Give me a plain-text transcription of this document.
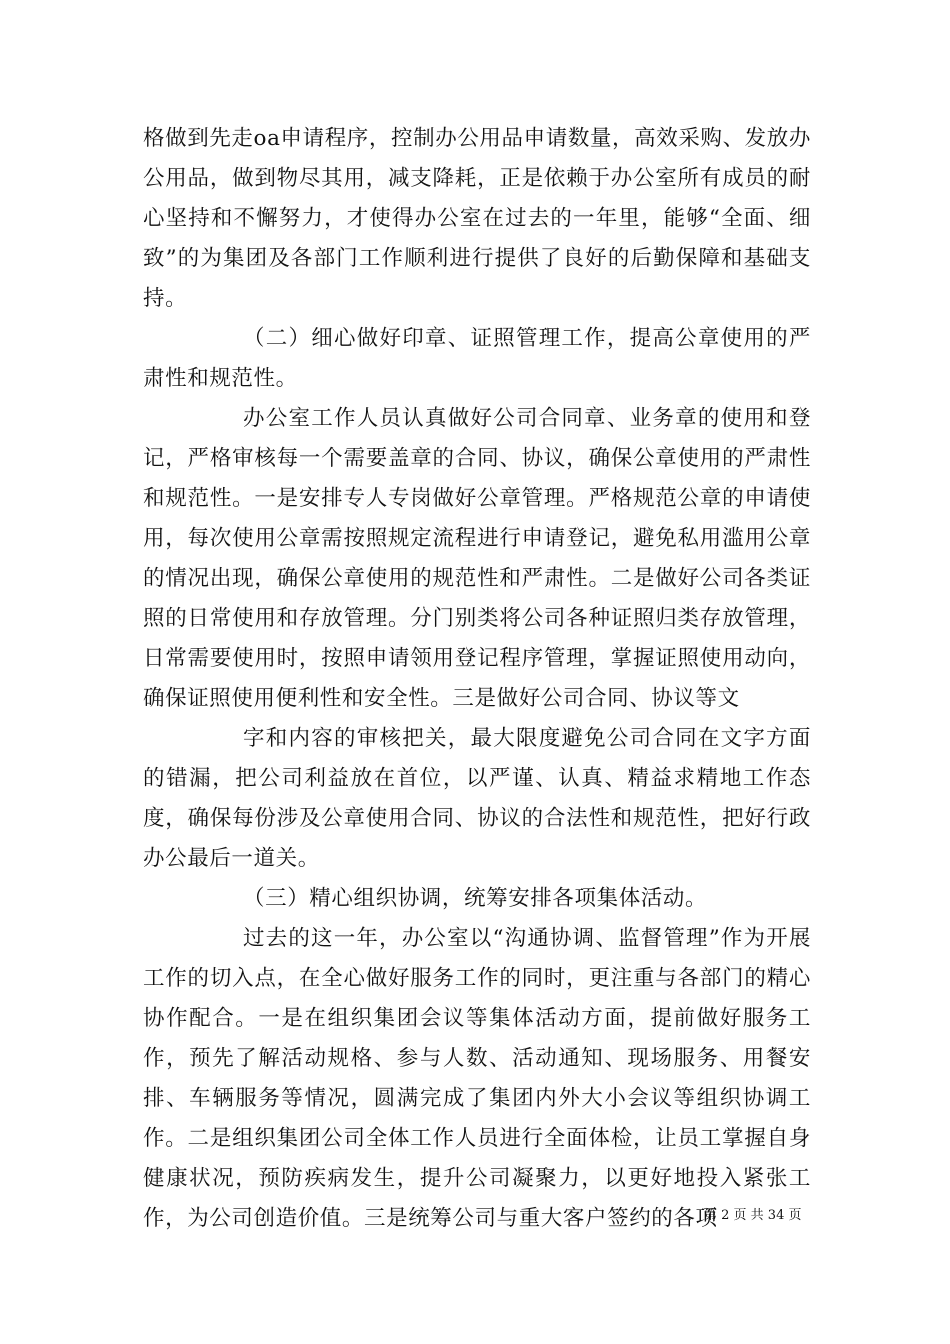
格做到先走oa申请程序，控制办公用品申请数量，高效采购、发放办公用品，做到物尽其用，减支降耗，正是依赖于办公室所有成员的耐心坚持和不懈努力，才使得办公室在过去的一年里，能够“全面、细致”的为集团及各部门工作顺利进行提供了良好的后勤保障和基础支持。

（二）细心做好印章、证照管理工作，提高公章使用的严肃性和规范性。

办公室工作人员认真做好公司合同章、业务章的使用和登记，严格审核每一个需要盖章的合同、协议，确保公章使用的严肃性和规范性。一是安排专人专岗做好公章管理。严格规范公章的申请使用，每次使用公章需按照规定流程进行申请登记，避免私用滥用公章的情况出现，确保公章使用的规范性和严肃性。二是做好公司各类证照的日常使用和存放管理。分门别类将公司各种证照归类存放管理，日常需要使用时，按照申请领用登记程序管理，掌握证照使用动向，确保证照使用便利性和安全性。三是做好公司合同、协议等文

字和内容的审核把关，最大限度避免公司合同在文字方面的错漏，把公司利益放在首位，以严谨、认真、精益求精地工作态度，确保每份涉及公章使用合同、协议的合法性和规范性，把好行政办公最后一道关。

（三）精心组织协调，统筹安排各项集体活动。

过去的这一年，办公室以“沟通协调、监督管理”作为开展工作的切入点，在全心做好服务工作的同时，更注重与各部门的精心协作配合。一是在组织集团会议等集体活动方面，提前做好服务工作，预先了解活动规格、参与人数、活动通知、现场服务、用餐安排、车辆服务等情况，圆满完成了集团内外大小会议等组织协调工作。二是组织集团公司全体工作人员进行全面体检，让员工掌握自身健康状况，预防疾病发生，提升公司凝聚力，以更好地投入紧张工作，为公司创造价值。三是统筹公司与重大客户签约的各项

第 2 页 共 34 页
